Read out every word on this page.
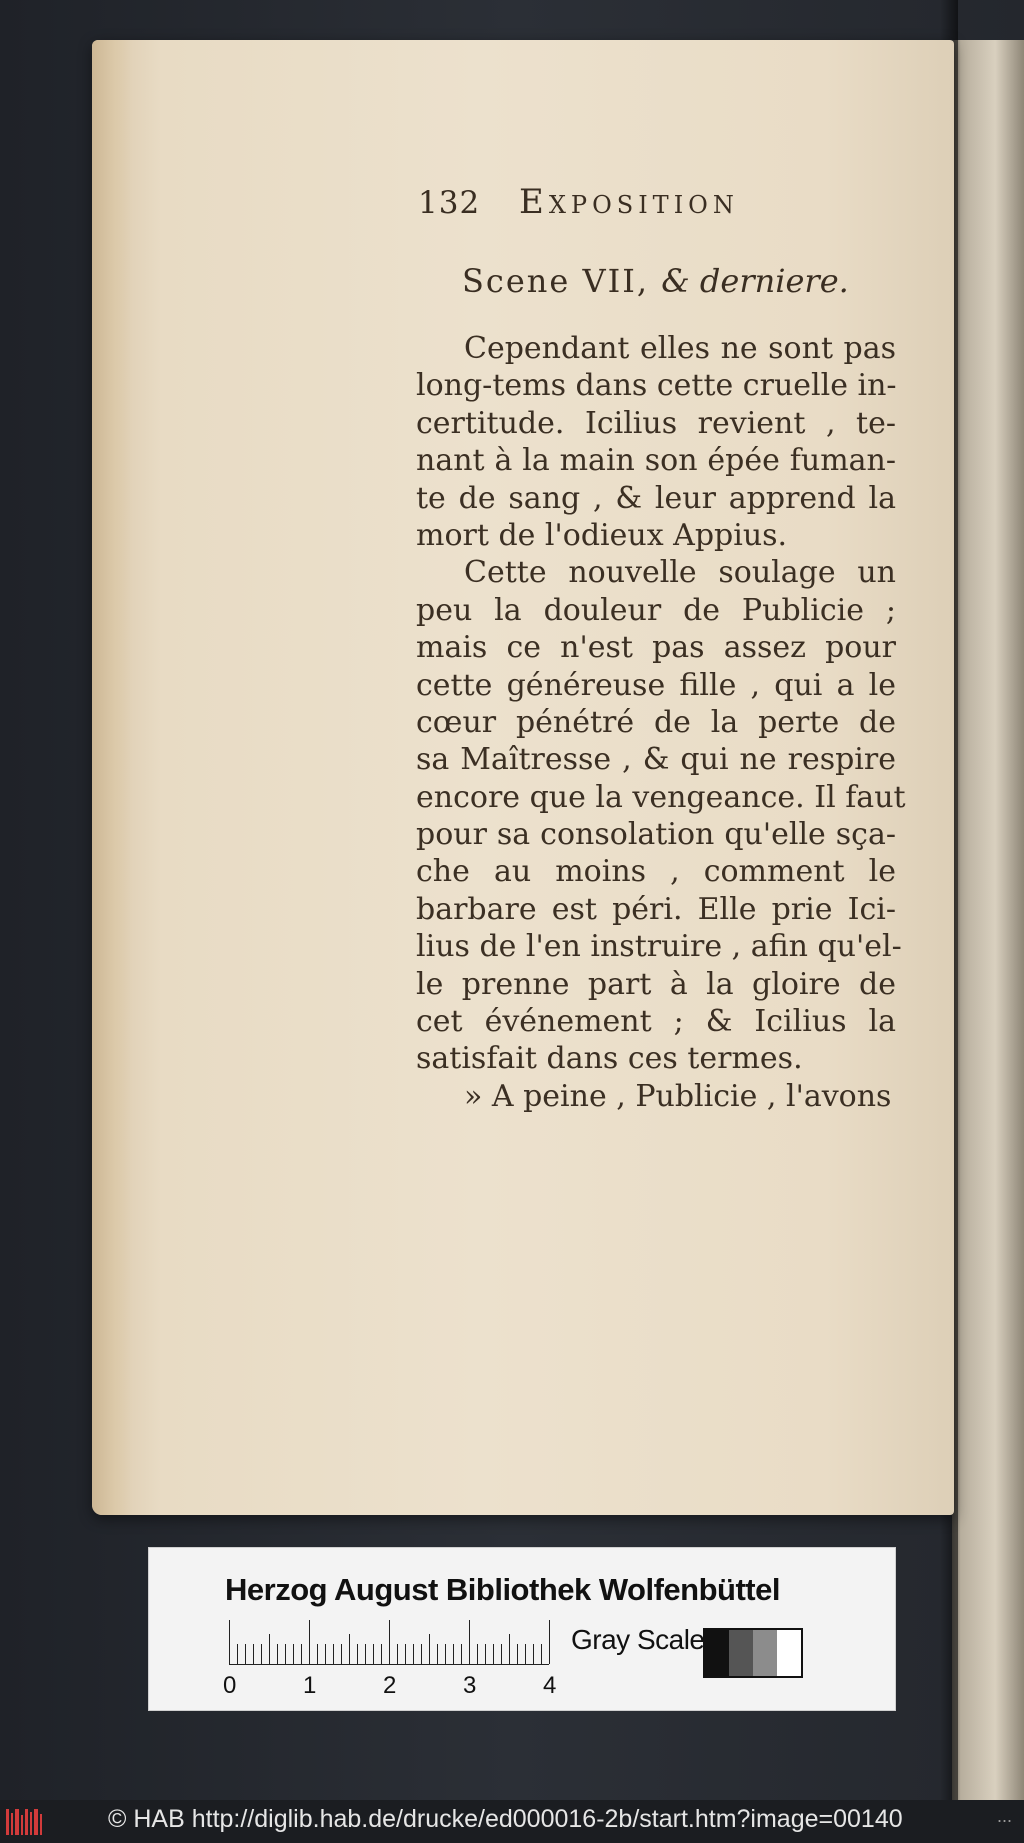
132 Exposition
Scene VII, & derniere.
Cependant elles ne sont pas
long-tems dans cette cruelle in-
certitude. Icilius revient , te-
nant à la main son épée fuman-
te de sang , & leur apprend la
mort de l'odieux Appius.
Cette nouvelle soulage un
peu la douleur de Publicie ;
mais ce n'est pas assez pour
cette généreuse fille , qui a le
cœur pénétré de la perte de
sa Maîtresse , & qui ne respire
encore que la vengeance. Il faut
pour sa consolation qu'elle sça-
che au moins , comment le
barbare est péri. Elle prie Ici-
lius de l'en instruire , afin qu'el-
le prenne part à la gloire de
cet événement ; & Icilius la
satisfait dans ces termes.
» A peine , Publicie , l'avons
Herzog August Bibliothek Wolfenbüttel
0	1	2	3	4
Gray Scale
© HAB http://diglib.hab.de/drucke/ed000016-2b/start.htm?image=00140	...
